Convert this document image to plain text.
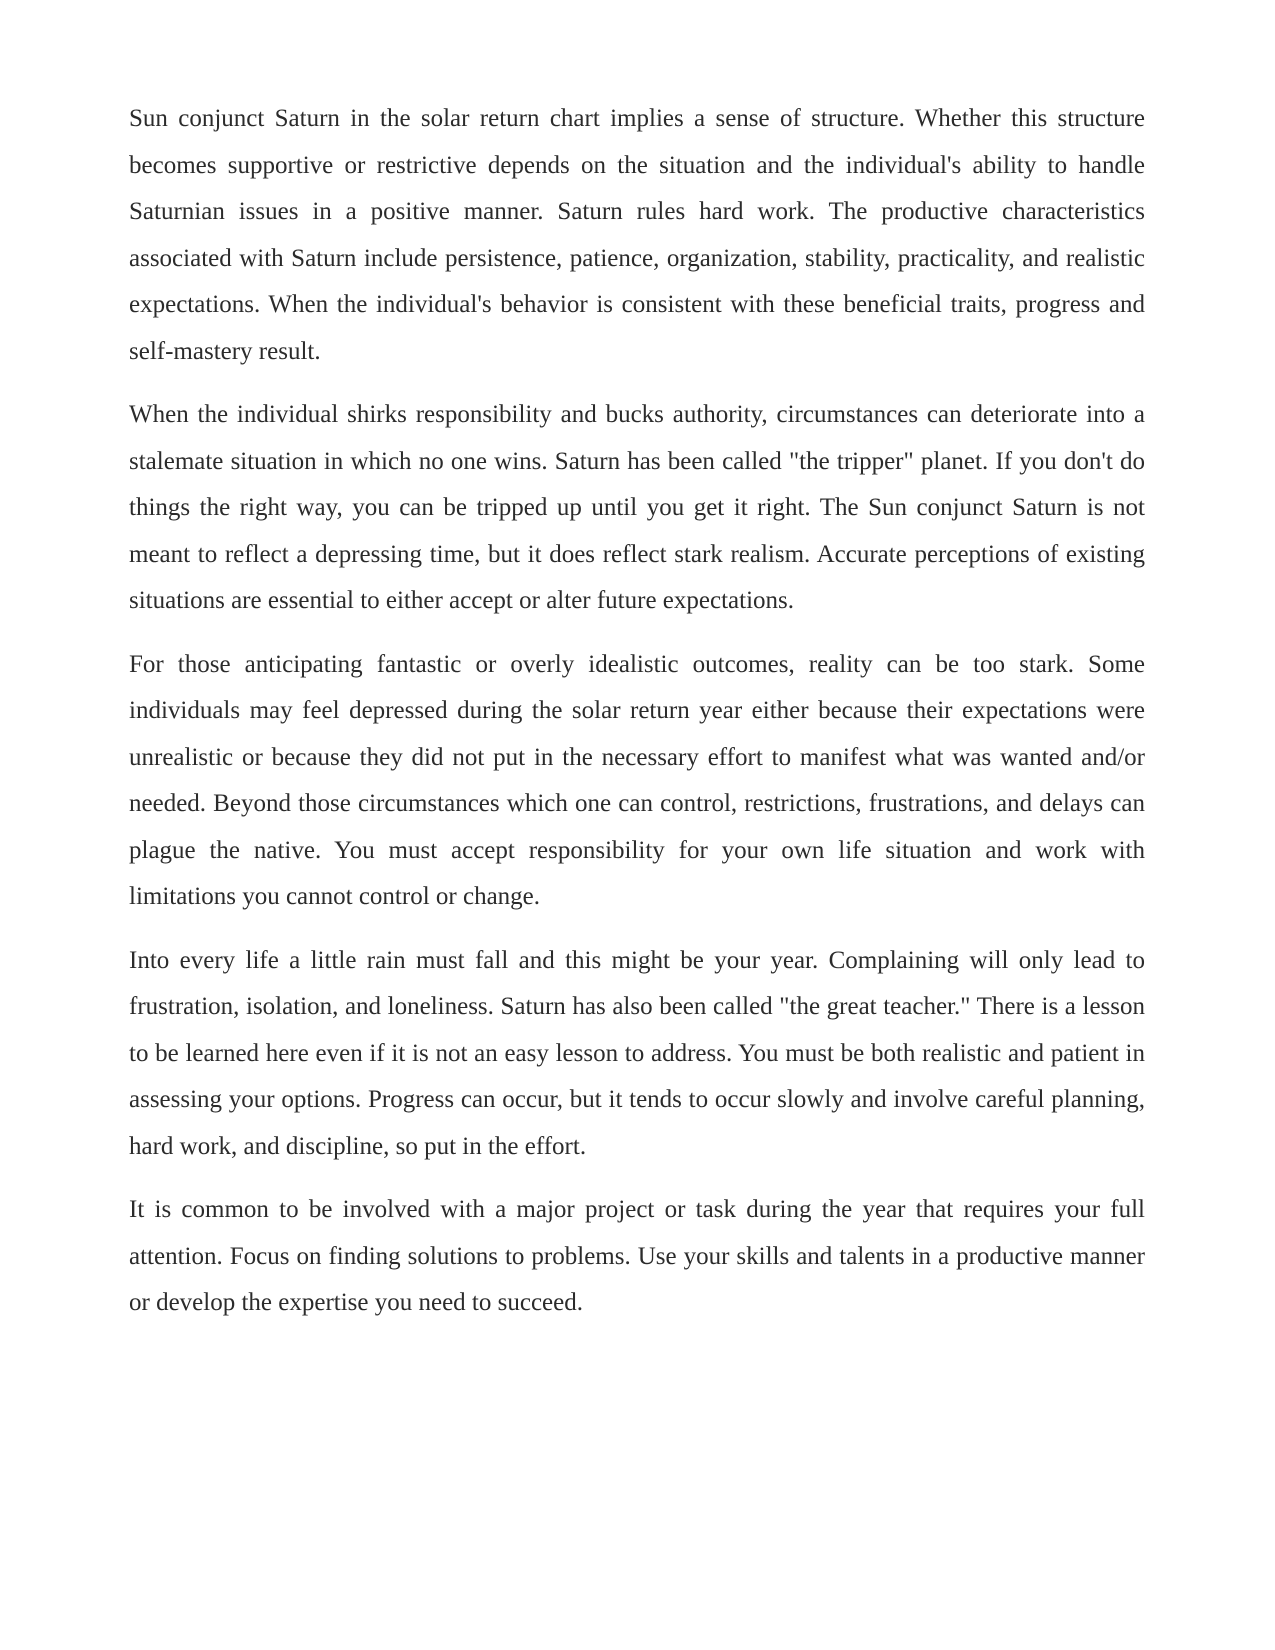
Sun conjunct Saturn in the solar return chart implies a sense of structure. Whether this structure becomes supportive or restrictive depends on the situation and the individual's ability to handle Saturnian issues in a positive manner. Saturn rules hard work. The productive characteristics associated with Saturn include persistence, patience, organization, stability, practicality, and realistic expectations. When the individual's behavior is consistent with these beneficial traits, progress and self-mastery result.

When the individual shirks responsibility and bucks authority, circumstances can deteriorate into a stalemate situation in which no one wins. Saturn has been called "the tripper" planet. If you don't do things the right way, you can be tripped up until you get it right. The Sun conjunct Saturn is not meant to reflect a depressing time, but it does reflect stark realism. Accurate perceptions of existing situations are essential to either accept or alter future expectations.

For those anticipating fantastic or overly idealistic outcomes, reality can be too stark. Some individuals may feel depressed during the solar return year either because their expectations were unrealistic or because they did not put in the necessary effort to manifest what was wanted and/or needed. Beyond those circumstances which one can control, restrictions, frustrations, and delays can plague the native. You must accept responsibility for your own life situation and work with limitations you cannot control or change.

Into every life a little rain must fall and this might be your year. Complaining will only lead to frustration, isolation, and loneliness. Saturn has also been called "the great teacher." There is a lesson to be learned here even if it is not an easy lesson to address. You must be both realistic and patient in assessing your options. Progress can occur, but it tends to occur slowly and involve careful planning, hard work, and discipline, so put in the effort.

It is common to be involved with a major project or task during the year that requires your full attention. Focus on finding solutions to problems. Use your skills and talents in a productive manner or develop the expertise you need to succeed.
